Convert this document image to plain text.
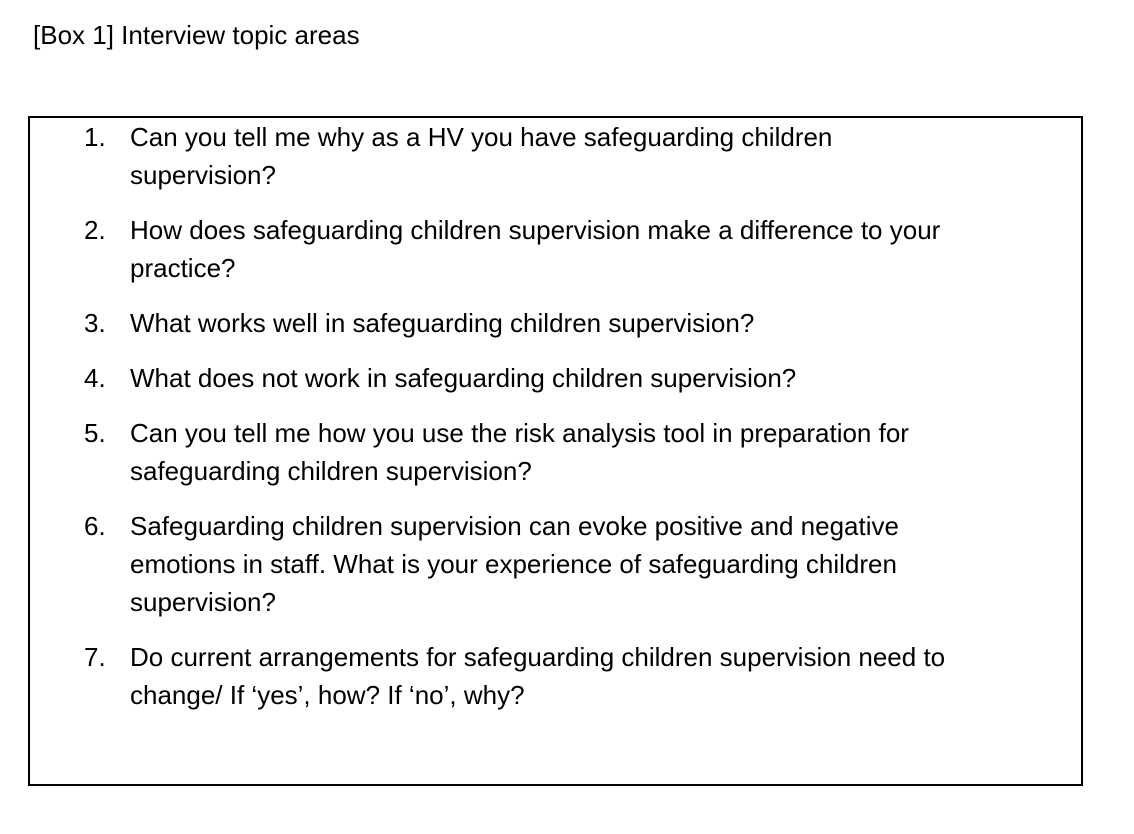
[Box 1] Interview topic areas
1. Can you tell me why as a HV you have safeguarding children
supervision?
2. How does safeguarding children supervision make a difference to your
practice?
3. What works well in safeguarding children supervision?
4. What does not work in safeguarding children supervision?
5. Can you tell me how you use the risk analysis tool in preparation for
safeguarding children supervision?
6. Safeguarding children supervision can evoke positive and negative
emotions in staff. What is your experience of safeguarding children
supervision?
7. Do current arrangements for safeguarding children supervision need to
change/ If ‘yes’, how? If ‘no’, why?
